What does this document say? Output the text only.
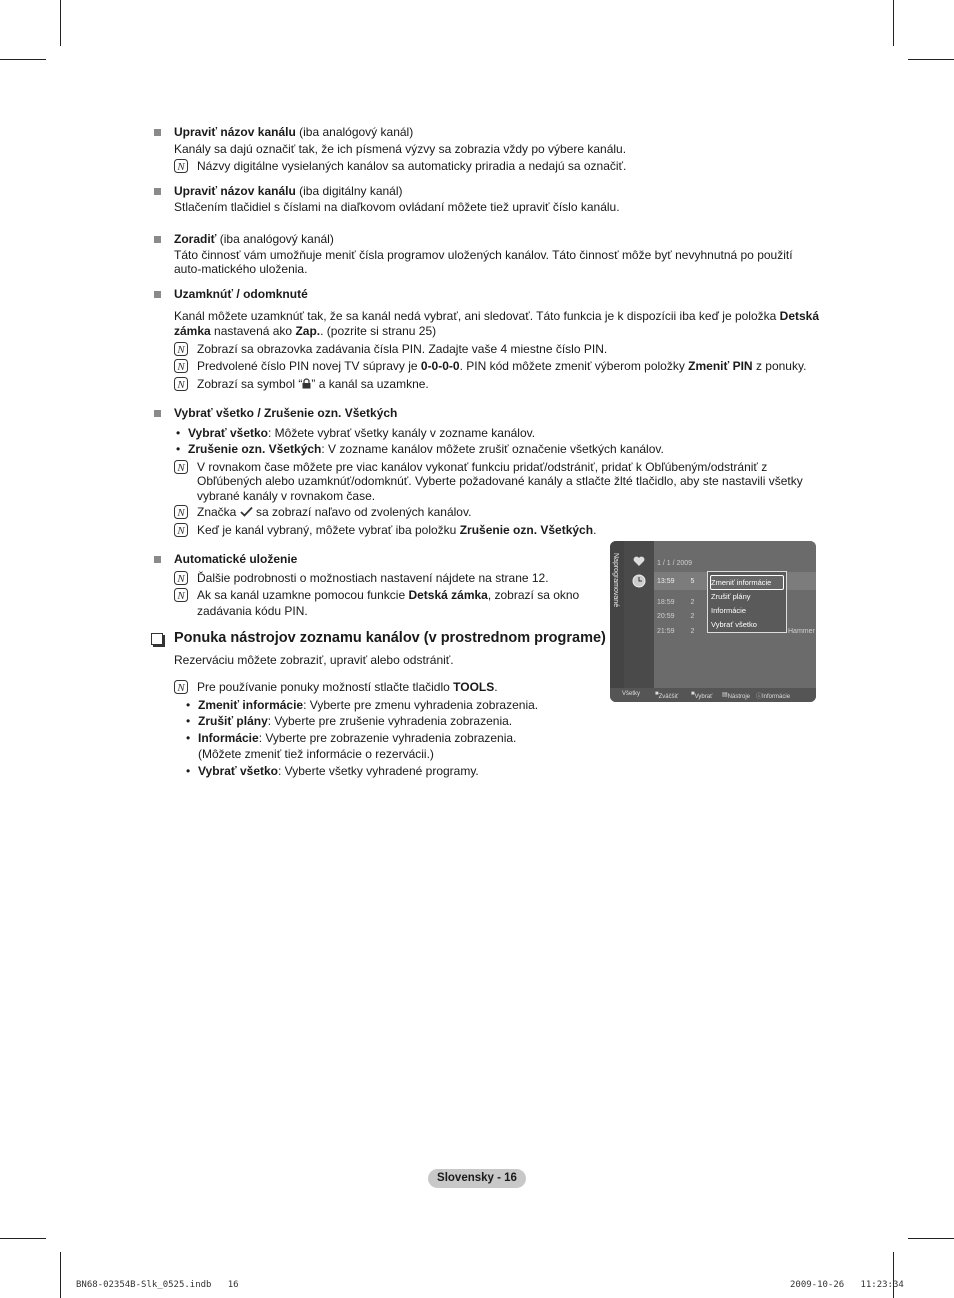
Upraviť názov kanálu (iba analógový kanál)
Kanály sa dajú označiť tak, že ich písmená výzvy sa zobrazia vždy po výbere kanálu.
N Názvy digitálne vysielaných kanálov sa automaticky priradia a nedajú sa označiť.
Upraviť názov kanálu (iba digitálny kanál)
Stlačením tlačidiel s číslami na diaľkovom ovládaní môžete tiež upraviť číslo kanálu.
Zoradiť (iba analógový kanál)
Táto činnosť vám umožňuje meniť čísla programov uložených kanálov. Táto činnosť môže byť nevyhnutná po použití auto-matického uloženia.
Uzamknúť / odomknuté
Kanál môžete uzamknúť tak, že sa kanál nedá vybrať, ani sledovať. Táto funkcia je k dispozícii iba keď je položka Detská zámka nastavená ako Zap.. (pozrite si stranu 25)
N Zobrazí sa obrazovka zadávania čísla PIN. Zadajte vaše 4 miestne číslo PIN.
N Predvolené číslo PIN novej TV súpravy je 0-0-0-0. PIN kód môžete zmeniť výberom položky Zmeniť PIN z ponuky.
N Zobrazí sa symbol “ ” a kanál sa uzamkne.
Vybrať všetko / Zrušenie ozn. Všetkých
• Vybrať všetko: Môžete vybrať všetky kanály v zozname kanálov.
• Zrušenie ozn. Všetkých: V zozname kanálov môžete zrušiť označenie všetkých kanálov.
N V rovnakom čase môžete pre viac kanálov vykonať funkciu pridať/odstrániť, pridať k Obľúbeným/odstrániť z Obľúbených alebo uzamknúť/odomknúť. Vyberte požadované kanály a stlačte žlté tlačidlo, aby ste nastavili všetky vybrané kanály v rovnakom čase.
N Značka  sa zobrazí naľavo od zvolených kanálov.
N Keď je kanál vybraný, môžete vybrať iba položku Zrušenie ozn. Všetkých.
Automatické uloženie
N Ďalšie podrobnosti o možnostiach nastavení nájdete na strane 12.
N Ak sa kanál uzamkne pomocou funkcie Detská zámka, zobrazí sa okno zadávania kódu PIN.
Ponuka nástrojov zoznamu kanálov (v prostrednom programe)
Rezerváciu môžete zobraziť, upraviť alebo odstrániť.
N Pre používanie ponuky možností stlačte tlačidlo TOOLS.
• Zmeniť informácie: Vyberte pre zmenu vyhradenia zobrazenia.
• Zrušiť plány: Vyberte pre zrušenie vyhradenia zobrazenia.
• Informácie: Vyberte pre zobrazenie vyhradenia zobrazenia.
(Môžete zmeniť tiež informácie o rezervácii.)
• Vybrať všetko: Vyberte všetky vyhradené programy.
Naprogramované	1 / 1 / 2009
13:59 5
18:59 2
20:59 2
21:59 2	Hammer
Zmeniť informácie
Zrušiť plány
Informácie
Vybrať všetko
Všetky ■ Zväčšiť ■ Vybrať ▤ Nástroje ⓘ Informácie
Slovensky - 16
BN68-02354B-Slk_0525.indb   16	2009-10-26   11:23:34
